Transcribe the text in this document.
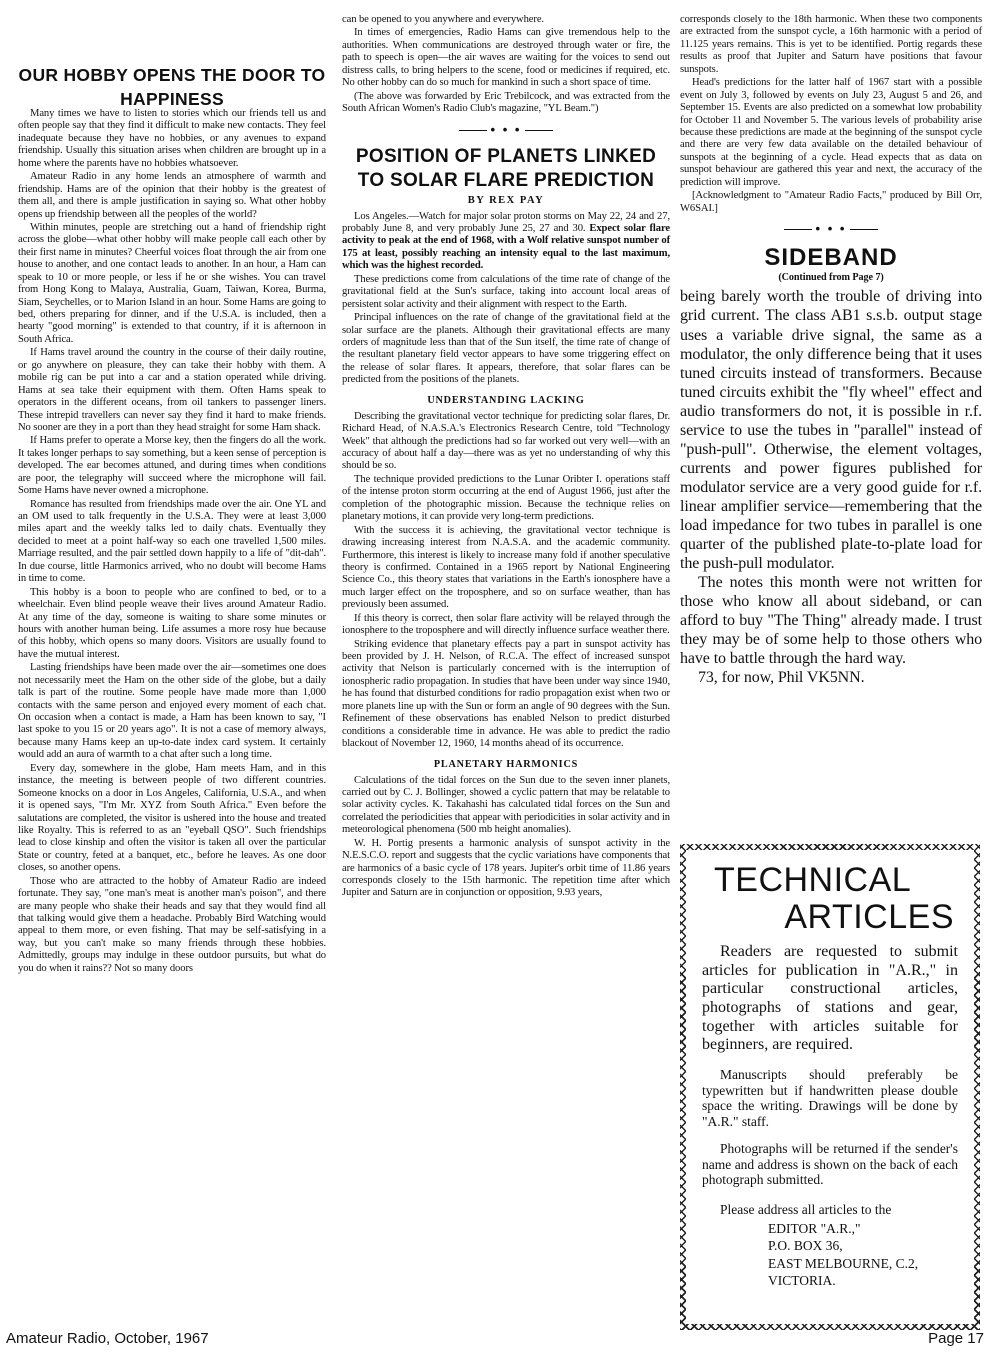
OUR HOBBY OPENS THE DOOR TO HAPPINESS

Many times we have to listen to stories which our friends tell us and often people say that they find it difficult to make new contacts. They feel inadequate because they have no hobbies, or any avenues to expand friendship. Usually this situation arises when children are brought up in a home where the parents have no hobbies whatsoever.

Amateur Radio in any home lends an atmosphere of warmth and friendship. Hams are of the opinion that their hobby is the greatest of them all, and there is ample justification in saying so. What other hobby opens up friendship between all the peoples of the world?

Within minutes, people are stretching out a hand of friendship right across the globe—what other hobby will make people call each other by their first name in minutes? Cheerful voices float through the air from one house to another, and one contact leads to another. In an hour, a Ham can speak to 10 or more people, or less if he or she wishes. You can travel from Hong Kong to Malaya, Australia, Guam, Taiwan, Korea, Burma, Siam, Seychelles, or to Marion Island in an hour. Some Hams are going to bed, others preparing for dinner, and if the U.S.A. is included, then a hearty "good morning" is extended to that country, if it is afternoon in South Africa.

If Hams travel around the country in the course of their daily routine, or go anywhere on pleasure, they can take their hobby with them. A mobile rig can be put into a car and a station operated while driving. Hams at sea take their equipment with them. Often Hams speak to operators in the different oceans, from oil tankers to passenger liners. These intrepid travellers can never say they find it hard to make friends. No sooner are they in a port than they head straight for some Ham shack.

If Hams prefer to operate a Morse key, then the fingers do all the work. It takes longer perhaps to say something, but a keen sense of perception is developed. The ear becomes attuned, and during times when conditions are poor, the telegraphy will succeed where the microphone will fail. Some Hams have never owned a microphone.

Romance has resulted from friendships made over the air. One YL and an OM used to talk frequently in the U.S.A. They were at least 3,000 miles apart and the weekly talks led to daily chats. Eventually they decided to meet at a point half-way so each one travelled 1,500 miles. Marriage resulted, and the pair settled down happily to a life of "dit-dah". In due course, little Harmonics arrived, who no doubt will become Hams in time to come.

This hobby is a boon to people who are confined to bed, or to a wheelchair. Even blind people weave their lives around Amateur Radio. At any time of the day, someone is waiting to share some minutes or hours with another human being. Life assumes a more rosy hue because of this hobby, which opens so many doors. Visitors are usually found to have the mutual interest.

Lasting friendships have been made over the air—sometimes one does not necessarily meet the Ham on the other side of the globe, but a daily talk is part of the routine. Some people have made more than 1,000 contacts with the same person and enjoyed every moment of each chat. On occasion when a contact is made, a Ham has been known to say, "I last spoke to you 15 or 20 years ago". It is not a case of memory always, because many Hams keep an up-to-date index card system. It certainly would add an aura of warmth to a chat after such a long time.

Every day, somewhere in the globe, Ham meets Ham, and in this instance, the meeting is between people of two different countries. Someone knocks on a door in Los Angeles, California, U.S.A., and when it is opened says, "I'm Mr. XYZ from South Africa." Even before the salutations are completed, the visitor is ushered into the house and treated like Royalty. This is referred to as an "eyeball QSO". Such friendships lead to close kinship and often the visitor is taken all over the particular State or country, feted at a banquet, etc., before he leaves. As one door closes, so another opens.

Those who are attracted to the hobby of Amateur Radio are indeed fortunate. They say, "one man's meat is another man's poison", and there are many people who shake their heads and say that they would find all that talking would give them a headache. Probably Bird Watching would appeal to them more, or even fishing. That may be self-satisfying in a way, but you can't make so many friends through these hobbies. Admittedly, groups may indulge in these outdoor pursuits, but what do you do when it rains?? Not so many doors

can be opened to you anywhere and everywhere.

In times of emergencies, Radio Hams can give tremendous help to the authorities. When communications are destroyed through water or fire, the path to speech is open—the air waves are waiting for the voices to send out distress calls, to bring helpers to the scene, food or medicines if required, etc. No other hobby can do so much for mankind in such a short space of time.

(The above was forwarded by Eric Trebilcock, and was extracted from the South African Women's Radio Club's magazine, "YL Beam.")

• • •
POSITION OF PLANETS LINKED TO SOLAR FLARE PREDICTION
BY REX PAY

Los Angeles.—Watch for major solar proton storms on May 22, 24 and 27, probably June 8, and very probably June 25, 27 and 30. Expect solar flare activity to peak at the end of 1968, with a Wolf relative sunspot number of 175 at least, possibly reaching an intensity equal to the last maximum, which was the highest recorded.

These predictions come from calculations of the time rate of change of the gravitational field at the Sun's surface, taking into account local areas of persistent solar activity and their alignment with respect to the Earth.

Principal influences on the rate of change of the gravitational field at the solar surface are the planets. Although their gravitational effects are many orders of magnitude less than that of the Sun itself, the time rate of change of the resultant planetary field vector appears to have some triggering effect on the release of solar flares. It appears, therefore, that solar flares can be predicted from the positions of the planets.

UNDERSTANDING LACKING

Describing the gravitational vector technique for predicting solar flares, Dr. Richard Head, of N.A.S.A.'s Electronics Research Centre, told "Technology Week" that although the predictions had so far worked out very well—with an accuracy of about half a day—there was as yet no understanding of why this should be so.

The technique provided predictions to the Lunar Oribter I. operations staff of the intense proton storm occurring at the end of August 1966, just after the completion of the photographic mission. Because the technique relies on planetary motions, it can provide very long-term predictions.

With the success it is achieving, the gravitational vector technique is drawing increasing interest from N.A.S.A. and the academic community. Furthermore, this interest is likely to increase many fold if another speculative theory is confirmed. Contained in a 1965 report by National Engineering Science Co., this theory states that variations in the Earth's ionosphere have a much larger effect on the troposphere, and so on surface weather, than has previously been assumed.

If this theory is correct, then solar flare activity will be relayed through the ionosphere to the troposphere and will directly influence surface weather there.

Striking evidence that planetary effects pay a part in sunspot activity has been provided by J. H. Nelson, of R.C.A. The effect of increased sunspot activity that Nelson is particularly concerned with is the interruption of ionospheric radio propagation. In studies that have been under way since 1940, he has found that disturbed conditions for radio propagation exist when two or more planets line up with the Sun or form an angle of 90 degrees with the Sun. Refinement of these observations has enabled Nelson to predict disturbed conditions a considerable time in advance. He was able to predict the radio blackout of November 12, 1960, 14 months ahead of its occurrence.

PLANETARY HARMONICS

Calculations of the tidal forces on the Sun due to the seven inner planets, carried out by C. J. Bollinger, showed a cyclic pattern that may be relatable to solar activity cycles. K. Takahashi has calculated tidal forces on the Sun and correlated the periodicities that appear with periodicities in solar activity and in meteorological phenomena (500 mb height anomalies).

W. H. Portig presents a harmonic analysis of sunspot activity in the N.E.S.C.O. report and suggests that the cyclic variations have components that are harmonics of a basic cycle of 178 years. Jupiter's orbit time of 11.86 years corresponds closely to the 15th harmonic. The repetition time after which Jupiter and Saturn are in conjunction or opposition, 9.93 years,

corresponds closely to the 18th harmonic. When these two components are extracted from the sunspot cycle, a 16th harmonic with a period of 11.125 years remains. This is yet to be identified. Portig regards these results as proof that Jupiter and Saturn have positions that favour sunspots.

Head's predictions for the latter half of 1967 start with a possible event on July 3, followed by events on July 23, August 5 and 26, and September 15. Events are also predicted on a somewhat low probability for October 11 and November 5. The various levels of probability arise because these predictions are made at the beginning of the sunspot cycle and there are very few data available on the detailed behaviour of sunspots at the beginning of a cycle. Head expects that as data on sunspot behaviour are gathered this year and next, the accuracy of the prediction will improve.

[Acknowledgment to "Amateur Radio Facts," produced by Bill Orr, W6SAI.]

• • •
SIDEBAND
(Continued from Page 7)

being barely worth the trouble of driving into grid current. The class AB1 s.s.b. output stage uses a variable drive signal, the same as a modulator, the only difference being that it uses tuned circuits instead of transformers. Because tuned circuits exhibit the "fly wheel" effect and audio transformers do not, it is possible in r.f. service to use the tubes in "parallel" instead of "push-pull". Otherwise, the element voltages, currents and power figures published for modulator service are a very good guide for r.f. linear amplifier service—remembering that the load impedance for two tubes in parallel is one quarter of the published plate-to-plate load for the push-pull modulator.

The notes this month were not written for those who know all about sideband, or can afford to buy "The Thing" already made. I trust they may be of some help to those others who have to battle through the hard way.

73, for now, Phil VK5NN.

TECHNICAL
ARTICLES

Readers are requested to submit articles for publication in "A.R.," in particular constructional articles, photographs of stations and gear, together with articles suitable for beginners, are required.

Manuscripts should preferably be typewritten but if handwritten please double space the writing. Drawings will be done by "A.R." staff.

Photographs will be returned if the sender's name and address is shown on the back of each photograph submitted.

Please address all articles to the

EDITOR "A.R.,"
P.O. BOX 36,
EAST MELBOURNE, C.2,
VICTORIA.
Amateur Radio, October, 1967	Page 17
